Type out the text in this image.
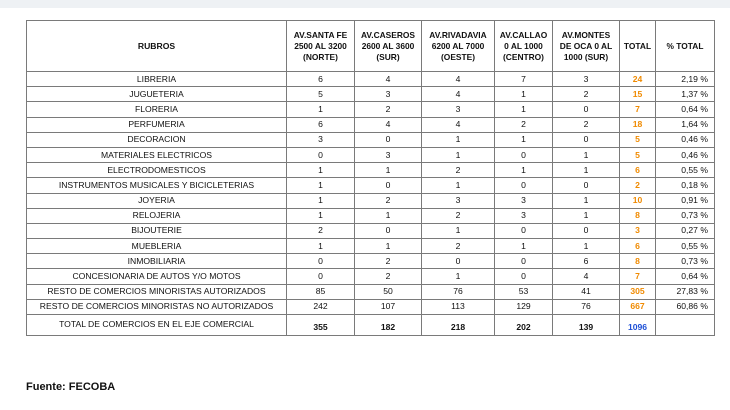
RUBROS	AV.SANTA FE 2500 AL 3200 (NORTE)	AV.CASEROS 2600 AL 3600 (SUR)	AV.RIVADAVIA 6200 AL 7000 (OESTE)	AV.CALLAO 0 AL 1000 (CENTRO)	AV.MONTES DE OCA 0 AL 1000 (SUR)	TOTAL	% TOTAL
LIBRERIA	6	4	4	7	3	24	2,19 %
JUGUETERIA	5	3	4	1	2	15	1,37 %
FLORERIA	1	2	3	1	0	7	0,64 %
PERFUMERIA	6	4	4	2	2	18	1,64 %
DECORACION	3	0	1	1	0	5	0,46 %
MATERIALES ELECTRICOS	0	3	1	0	1	5	0,46 %
ELECTRODOMESTICOS	1	1	2	1	1	6	0,55 %
INSTRUMENTOS MUSICALES Y BICICLETERIAS	1	0	1	0	0	2	0,18 %
JOYERIA	1	2	3	3	1	10	0,91 %
RELOJERIA	1	1	2	3	1	8	0,73 %
BIJOUTERIE	2	0	1	0	0	3	0,27 %
MUEBLERIA	1	1	2	1	1	6	0,55 %
INMOBILIARIA	0	2	0	0	6	8	0,73 %
CONCESIONARIA DE AUTOS Y/O MOTOS	0	2	1	0	4	7	0,64 %
RESTO DE COMERCIOS MINORISTAS AUTORIZADOS	85	50	76	53	41	305	27,83 %
RESTO DE COMERCIOS MINORISTAS NO AUTORIZADOS	242	107	113	129	76	667	60,86 %
TOTAL DE COMERCIOS EN EL EJE COMERCIAL	355	182	218	202	139	1096	

Fuente: FECOBA
